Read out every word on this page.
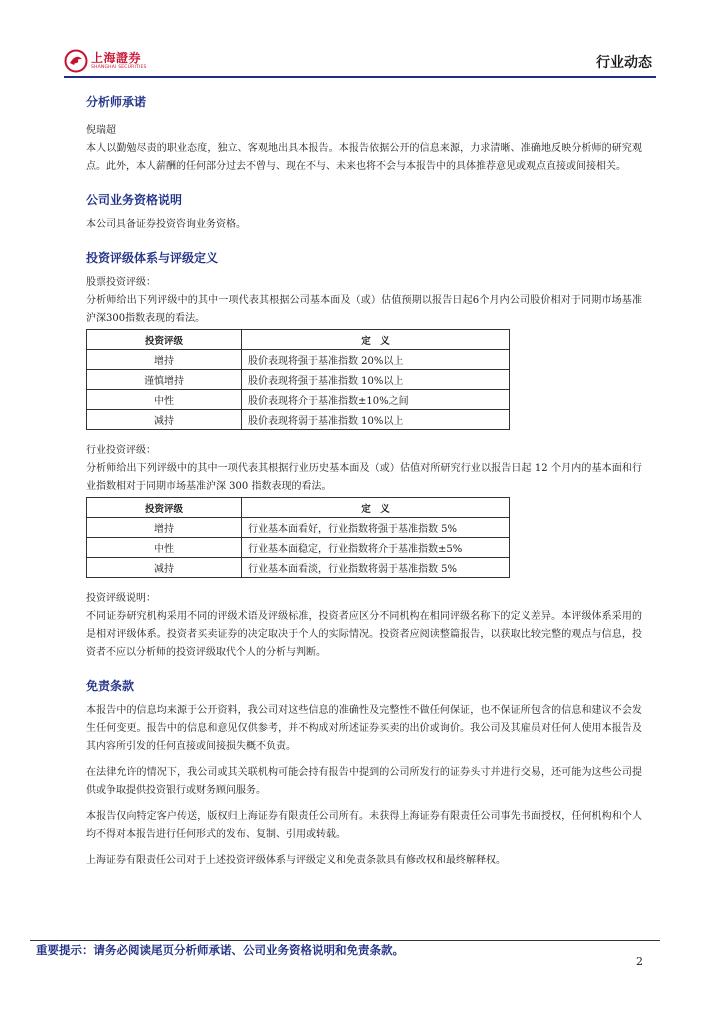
上海證券
SHANGHAI SECURITIES	行业动态
分析师承诺

倪瑞超

本人以勤勉尽责的职业态度，独立、客观地出具本报告。本报告依据公开的信息来源，力求清晰、准确地反映分析师的研究观点。此外，本人薪酬的任何部分过去不曾与、现在不与、未来也将不会与本报告中的具体推荐意见或观点直接或间接相关。

公司业务资格说明

本公司具备证券投资咨询业务资格。

投资评级体系与评级定义

股票投资评级：

分析师给出下列评级中的其中一项代表其根据公司基本面及（或）估值预期以报告日起6个月内公司股价相对于同期市场基准沪深300指数表现的看法。

投资评级	定　义
增持	股价表现将强于基准指数 20%以上
谨慎增持	股价表现将强于基准指数 10%以上
中性	股价表现将介于基准指数±10%之间
减持	股价表现将弱于基准指数 10%以上

行业投资评级：

分析师给出下列评级中的其中一项代表其根据行业历史基本面及（或）估值对所研究行业以报告日起 12 个月内的基本面和行业指数相对于同期市场基准沪深 300 指数表现的看法。

投资评级	定　义
增持	行业基本面看好，行业指数将强于基准指数 5%
中性	行业基本面稳定，行业指数将介于基准指数±5%
减持	行业基本面看淡，行业指数将弱于基准指数 5%

投资评级说明：

不同证券研究机构采用不同的评级术语及评级标准，投资者应区分不同机构在相同评级名称下的定义差异。本评级体系采用的是相对评级体系。投资者买卖证券的决定取决于个人的实际情况。投资者应阅读整篇报告，以获取比较完整的观点与信息，投资者不应以分析师的投资评级取代个人的分析与判断。

免责条款

本报告中的信息均来源于公开资料，我公司对这些信息的准确性及完整性不做任何保证，也不保证所包含的信息和建议不会发生任何变更。报告中的信息和意见仅供参考，并不构成对所述证券买卖的出价或询价。我公司及其雇员对任何人使用本报告及其内容所引发的任何直接或间接损失概不负责。

在法律允许的情况下，我公司或其关联机构可能会持有报告中提到的公司所发行的证券头寸并进行交易，还可能为这些公司提供或争取提供投资银行或财务顾问服务。

本报告仅向特定客户传送，版权归上海证券有限责任公司所有。未获得上海证券有限责任公司事先书面授权，任何机构和个人均不得对本报告进行任何形式的发布、复制、引用或转载。

上海证券有限责任公司对于上述投资评级体系与评级定义和免责条款具有修改权和最终解释权。

重要提示：请务必阅读尾页分析师承诺、公司业务资格说明和免责条款。
2
